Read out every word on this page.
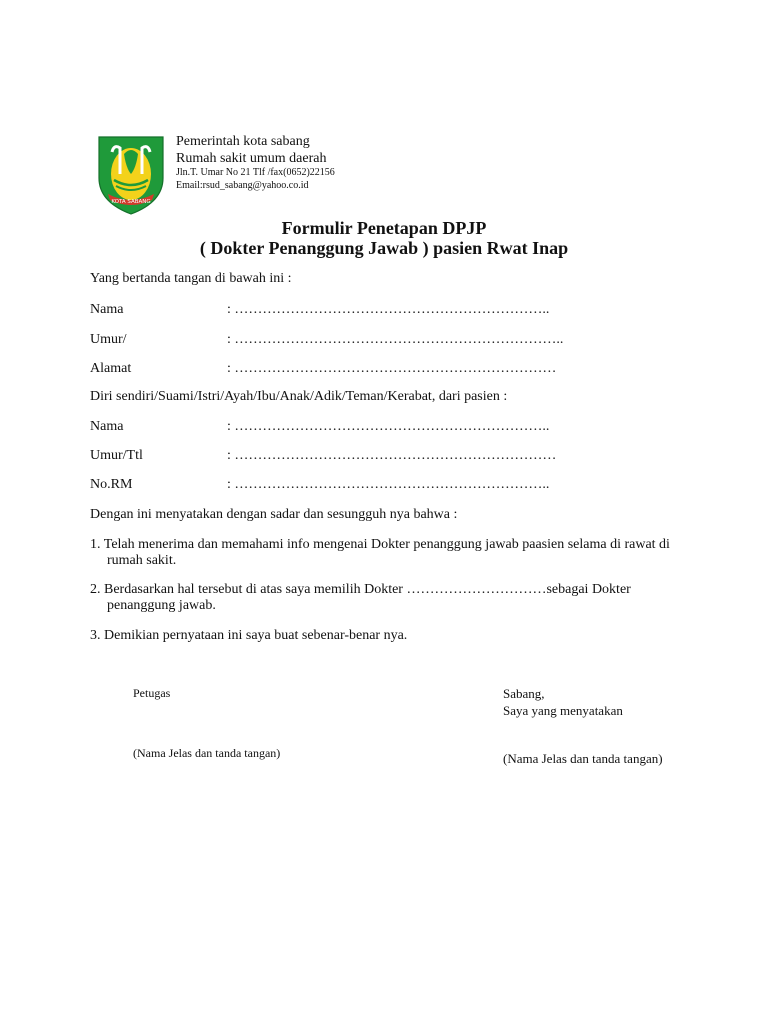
KOTA SABANG
Pemerintah kota sabang
Rumah sakit umum daerah
Jln.T. Umar No 21 Tlf /fax(0652)22156
Email:rsud_sabang@yahoo.co.id
Formulir Penetapan DPJP
( Dokter Penanggung Jawab ) pasien Rwat Inap
Yang bertanda tangan di bawah ini :
Nama	: …………………………………………………………..
Umur/	: ……………………………………………………………..
Alamat	: ……………………………………………………………
Diri sendiri/Suami/Istri/Ayah/Ibu/Anak/Adik/Teman/Kerabat, dari pasien :
Nama	: …………………………………………………………..
Umur/Ttl	: ……………………………………………………………
No.RM	: …………………………………………………………..
Dengan ini menyatakan dengan sadar dan sesungguh nya bahwa :
1. Telah menerima dan memahami info mengenai Dokter penanggung jawab paasien selama di rawat di
rumah sakit.
2. Berdasarkan hal tersebut di atas saya memilih Dokter …………………………sebagai Dokter
penanggung jawab.
3. Demikian pernyataan ini saya buat sebenar-benar nya.
Petugas
(Nama Jelas dan tanda tangan)
Sabang,
Saya yang menyatakan
(Nama Jelas dan tanda tangan)
